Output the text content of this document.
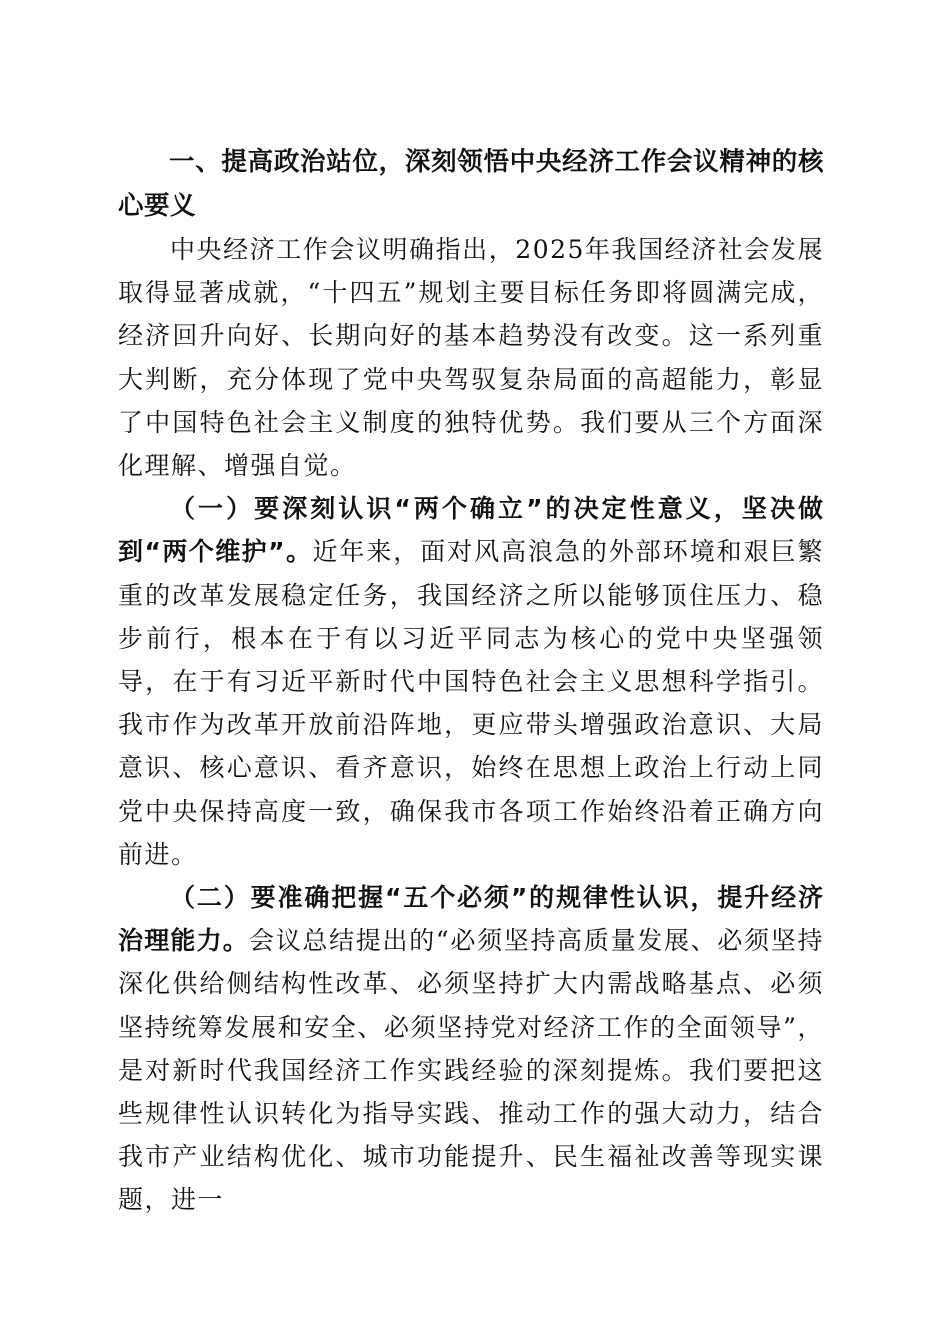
一、提高政治站位，深刻领悟中央经济工作会议精神的核心要义

中央经济工作会议明确指出，2025年我国经济社会发展取得显著成就，“十四五”规划主要目标任务即将圆满完成，经济回升向好、长期向好的基本趋势没有改变。这一系列重大判断，充分体现了党中央驾驭复杂局面的高超能力，彰显了中国特色社会主义制度的独特优势。我们要从三个方面深化理解、增强自觉。

（一）要深刻认识“两个确立”的决定性意义，坚决做到“两个维护”。近年来，面对风高浪急的外部环境和艰巨繁重的改革发展稳定任务，我国经济之所以能够顶住压力、稳步前行，根本在于有以习近平同志为核心的党中央坚强领导，在于有习近平新时代中国特色社会主义思想科学指引。我市作为改革开放前沿阵地，更应带头增强政治意识、大局意识、核心意识、看齐意识，始终在思想上政治上行动上同党中央保持高度一致，确保我市各项工作始终沿着正确方向前进。

（二）要准确把握“五个必须”的规律性认识，提升经济治理能力。会议总结提出的“必须坚持高质量发展、必须坚持深化供给侧结构性改革、必须坚持扩大内需战略基点、必须坚持统筹发展和安全、必须坚持党对经济工作的全面领导”，是对新时代我国经济工作实践经验的深刻提炼。我们要把这些规律性认识转化为指导实践、推动工作的强大动力，结合我市产业结构优化、城市功能提升、民生福祉改善等现实课题，进一
